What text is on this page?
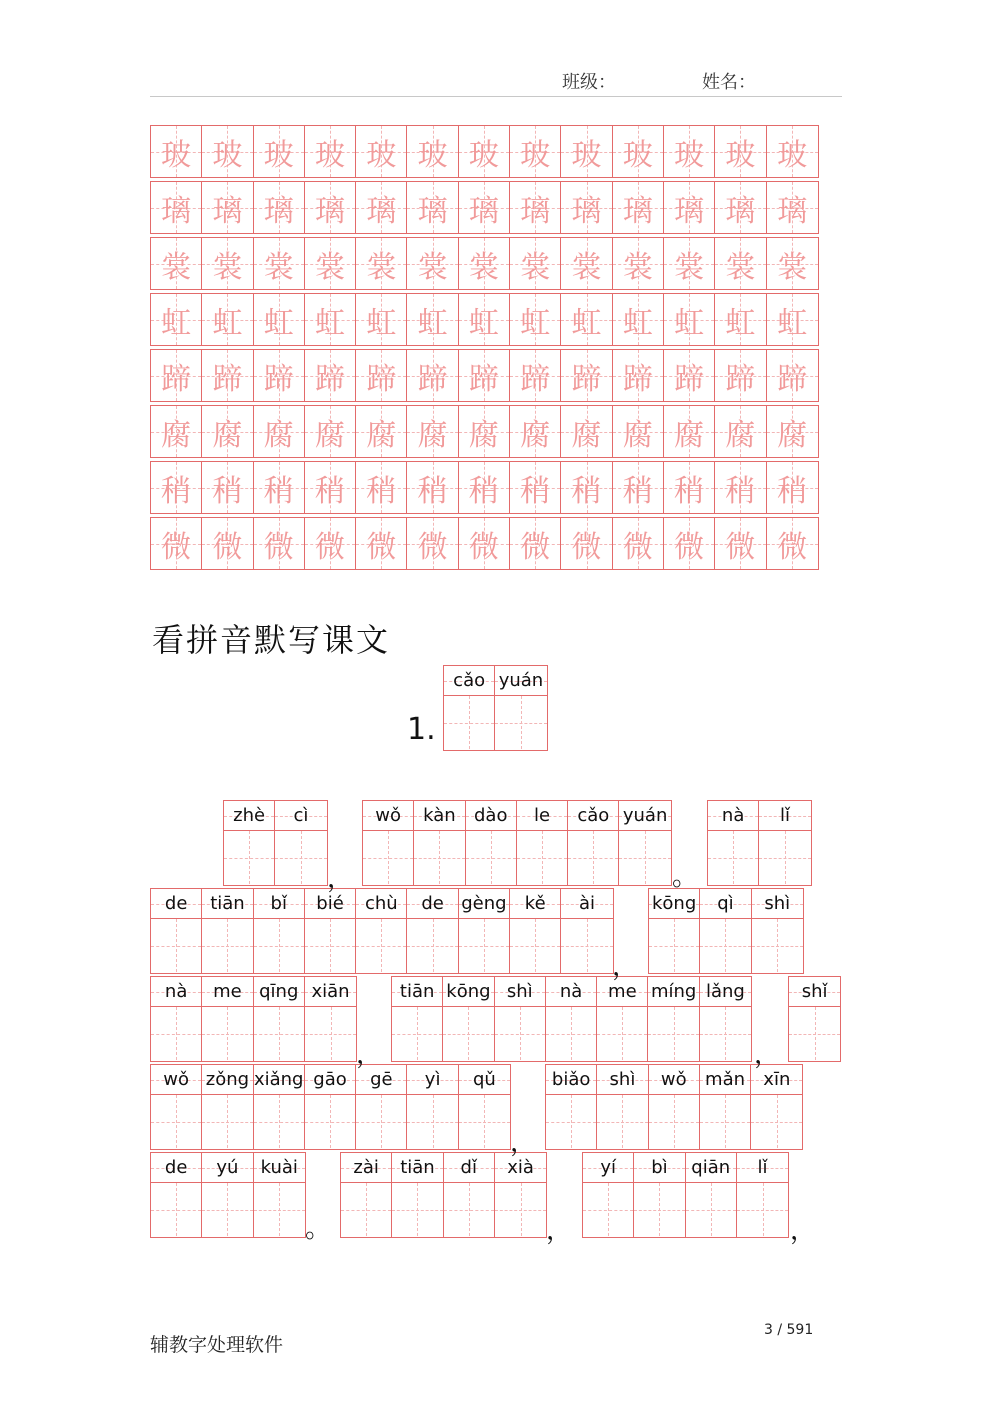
班级：	姓名：
玻 玻 玻 玻 玻 玻 玻 玻 玻 玻 玻 玻 玻
璃 璃 璃 璃 璃 璃 璃 璃 璃 璃 璃 璃 璃
裳 裳 裳 裳 裳 裳 裳 裳 裳 裳 裳 裳 裳
虹 虹 虹 虹 虹 虹 虹 虹 虹 虹 虹 虹 虹
蹄 蹄 蹄 蹄 蹄 蹄 蹄 蹄 蹄 蹄 蹄 蹄 蹄
腐 腐 腐 腐 腐 腐 腐 腐 腐 腐 腐 腐 腐
稍 稍 稍 稍 稍 稍 稍 稍 稍 稍 稍 稍 稍
微 微 微 微 微 微 微 微 微 微 微 微 微
看拼音默写课文
1.
cǎo yuán
zhè cì	wǒ kàn dào le cǎo yuán	nà lǐ
de tiān bǐ bié chù de gèng kě ài	kōng qì shì
nà me qīng xiān	tiān kōng shì nà me míng lǎng	shǐ
wǒ zǒng xiǎng gāo gē yì qǔ	biǎo shì wǒ mǎn xīn
de yú kuài	zài tiān dǐ xià	yí bì qiān lǐ
，	。
，
，	，
，
。	，	，
辅教字处理软件
3 / 591
